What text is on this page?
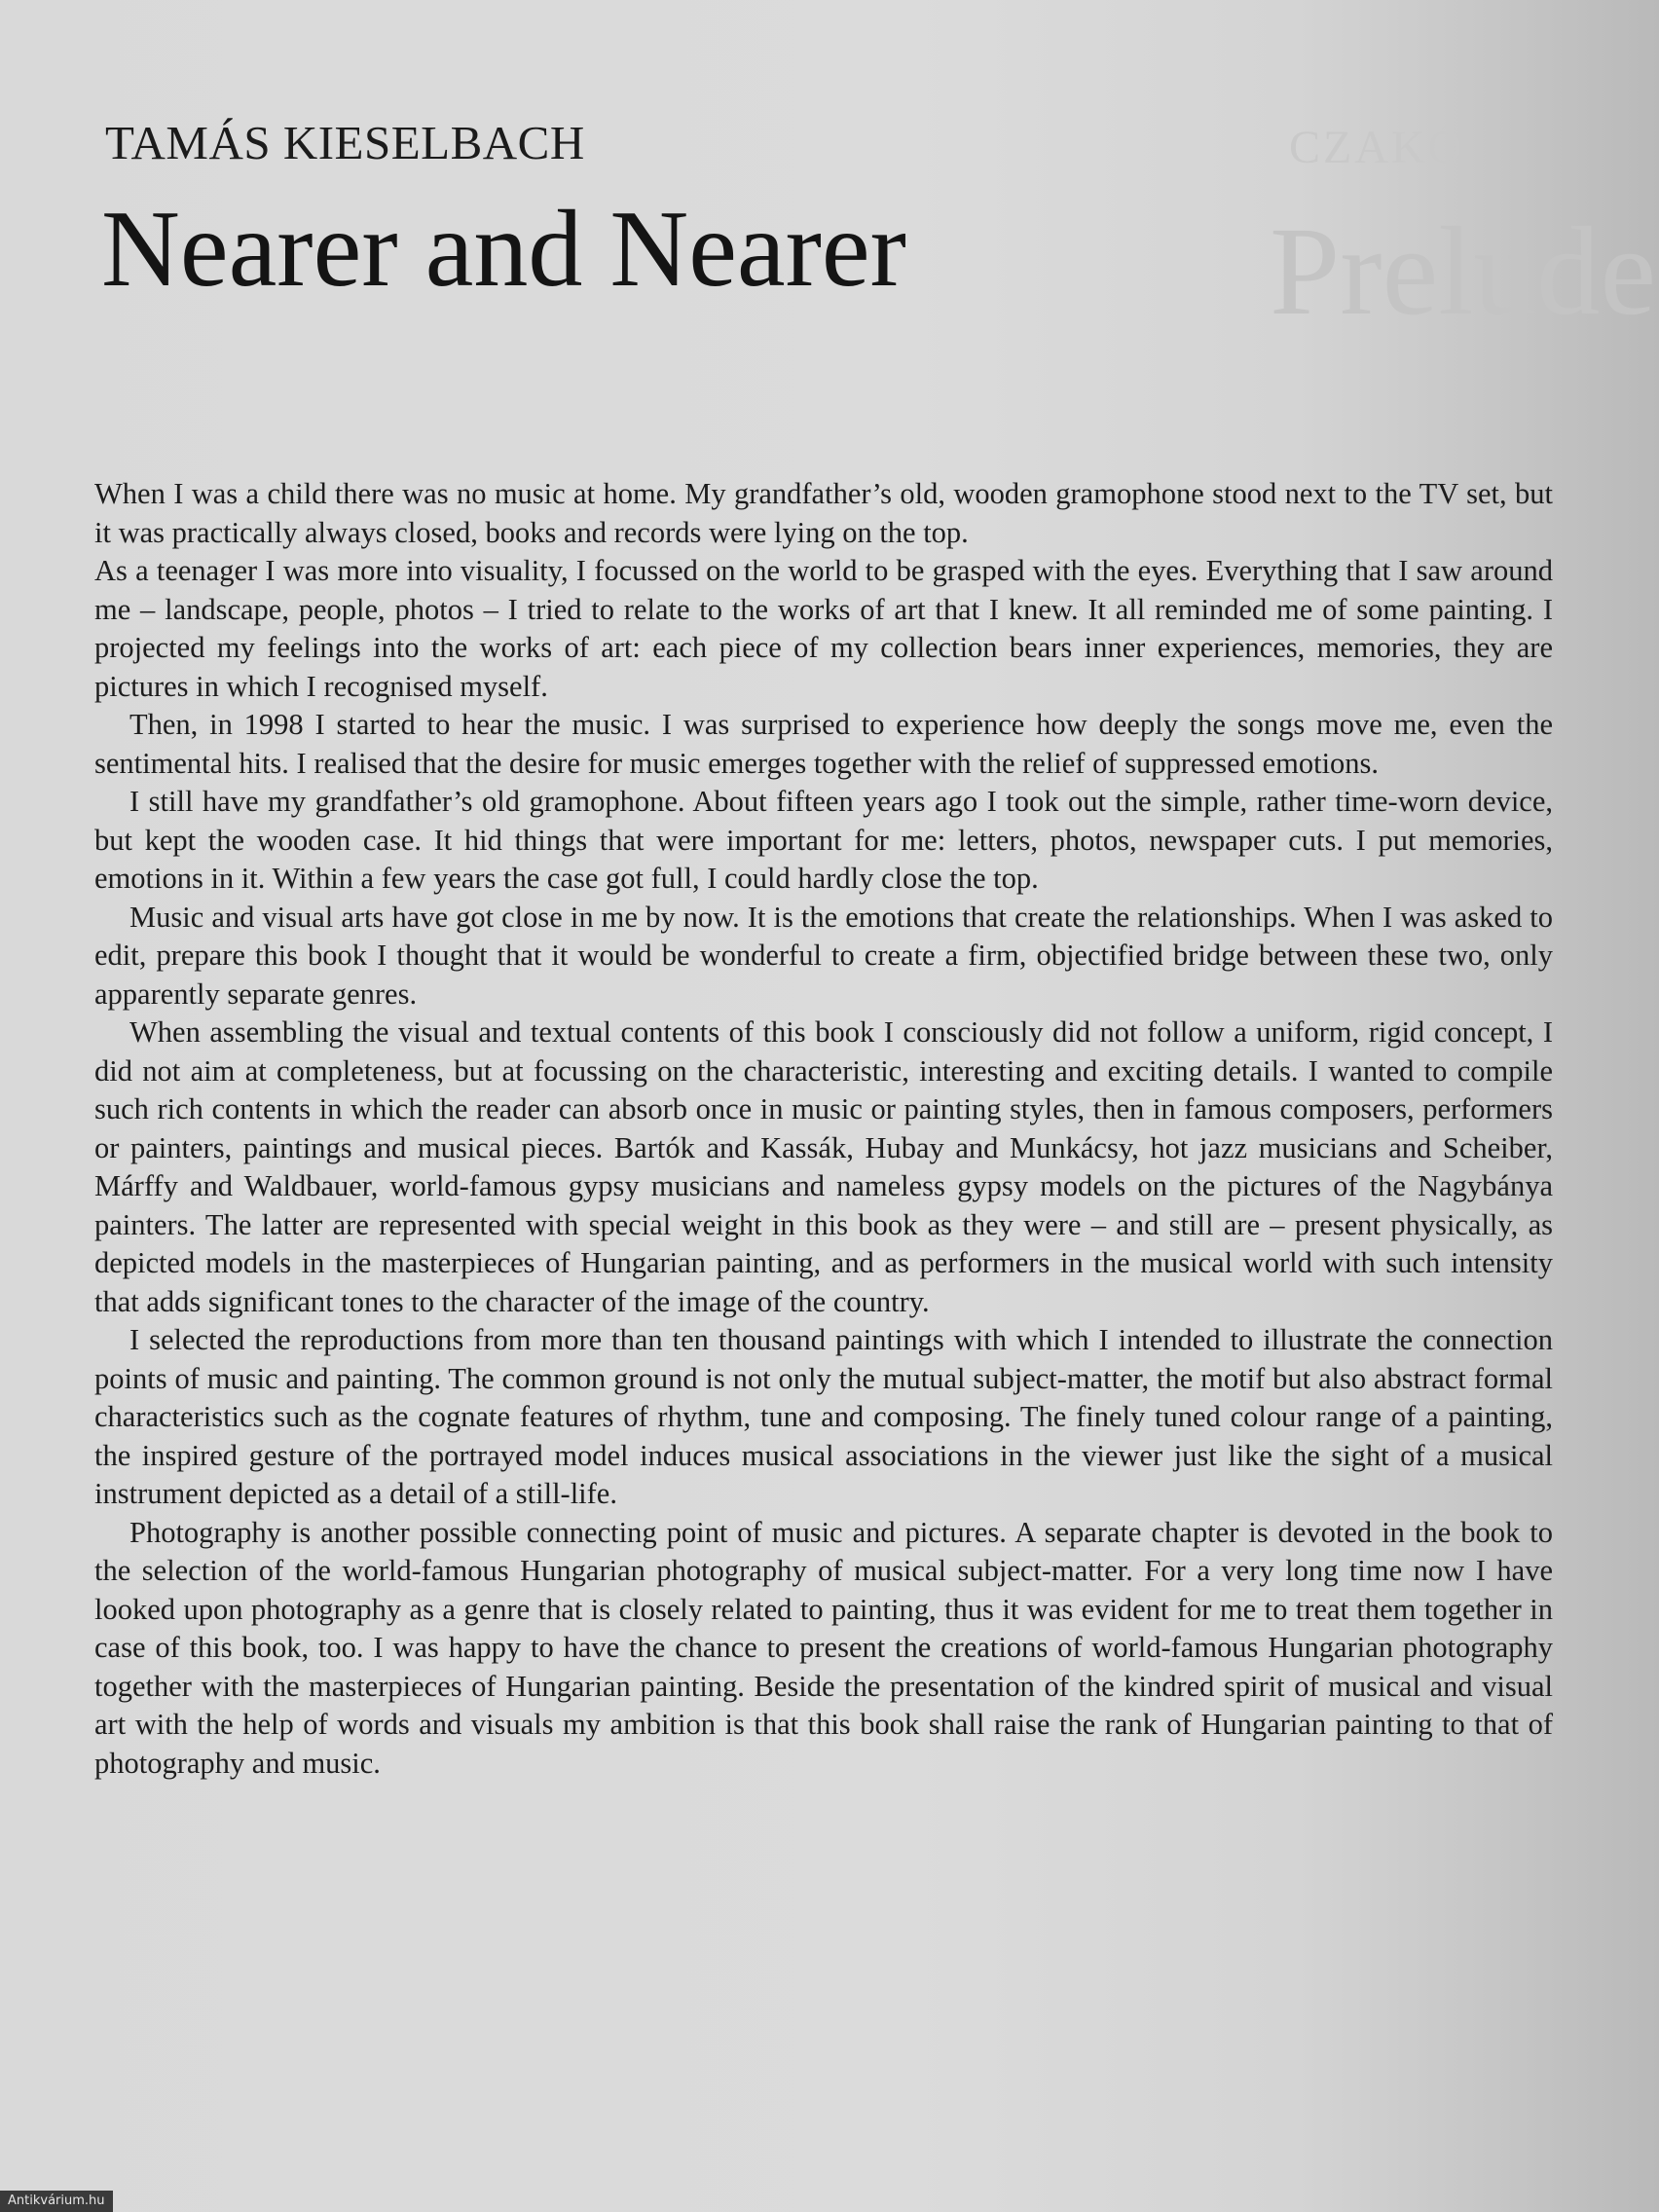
CZAKÓ
Prelude
TAMÁS KIESELBACH
Nearer and Nearer

When I was a child there was no music at home. My grandfather’s old, wooden gramophone stood next to the TV set, but it was practically always closed, books and records were lying on the top.

As a teenager I was more into visuality, I focussed on the world to be grasped with the eyes. Everything that I saw around me – landscape, people, photos – I tried to relate to the works of art that I knew. It all reminded me of some painting. I projected my feelings into the works of art: each piece of my collection bears inner experiences, memories, they are pictures in which I recognised myself.

Then, in 1998 I started to hear the music. I was surprised to experience how deeply the songs move me, even the sentimental hits. I realised that the desire for music emerges together with the relief of suppressed emotions.

I still have my grandfather’s old gramophone. About fifteen years ago I took out the simple, rather time-worn device, but kept the wooden case. It hid things that were important for me: letters, photos, newspaper cuts. I put memories, emotions in it. Within a few years the case got full, I could hardly close the top.

Music and visual arts have got close in me by now. It is the emotions that create the relationships. When I was asked to edit, prepare this book I thought that it would be wonderful to create a firm, objectified bridge between these two, only apparently separate genres.

When assembling the visual and textual contents of this book I consciously did not follow a uniform, rigid concept, I did not aim at completeness, but at focussing on the characteristic, interesting and exciting details. I wanted to compile such rich contents in which the reader can absorb once in music or painting styles, then in famous composers, performers or painters, paintings and musical pieces. Bartók and Kassák, Hubay and Munkácsy, hot jazz musicians and Scheiber, Márffy and Waldbauer, world-famous gypsy musicians and nameless gypsy models on the pictures of the Nagybánya painters. The latter are represented with special weight in this book as they were – and still are – present physically, as depicted models in the masterpieces of Hungarian painting, and as performers in the musical world with such intensity that adds significant tones to the character of the image of the country.

I selected the reproductions from more than ten thousand paintings with which I intended to illustrate the connection points of music and painting. The common ground is not only the mutual subject-matter, the motif but also abstract formal characteristics such as the cognate features of rhythm, tune and composing. The finely tuned colour range of a painting, the inspired gesture of the portrayed model induces musical associations in the viewer just like the sight of a musical instrument depicted as a detail of a still-life.

Photography is another possible connecting point of music and pictures. A separate chapter is devoted in the book to the selection of the world-famous Hungarian photography of musical subject-matter. For a very long time now I have looked upon photography as a genre that is closely related to painting, thus it was evident for me to treat them together in case of this book, too. I was happy to have the chance to present the creations of world-famous Hungarian photography together with the masterpieces of Hungarian painting. Beside the presentation of the kindred spirit of musical and visual art with the help of words and visuals my ambition is that this book shall raise the rank of Hungarian painting to that of photography and music.

Antikvárium.hu
